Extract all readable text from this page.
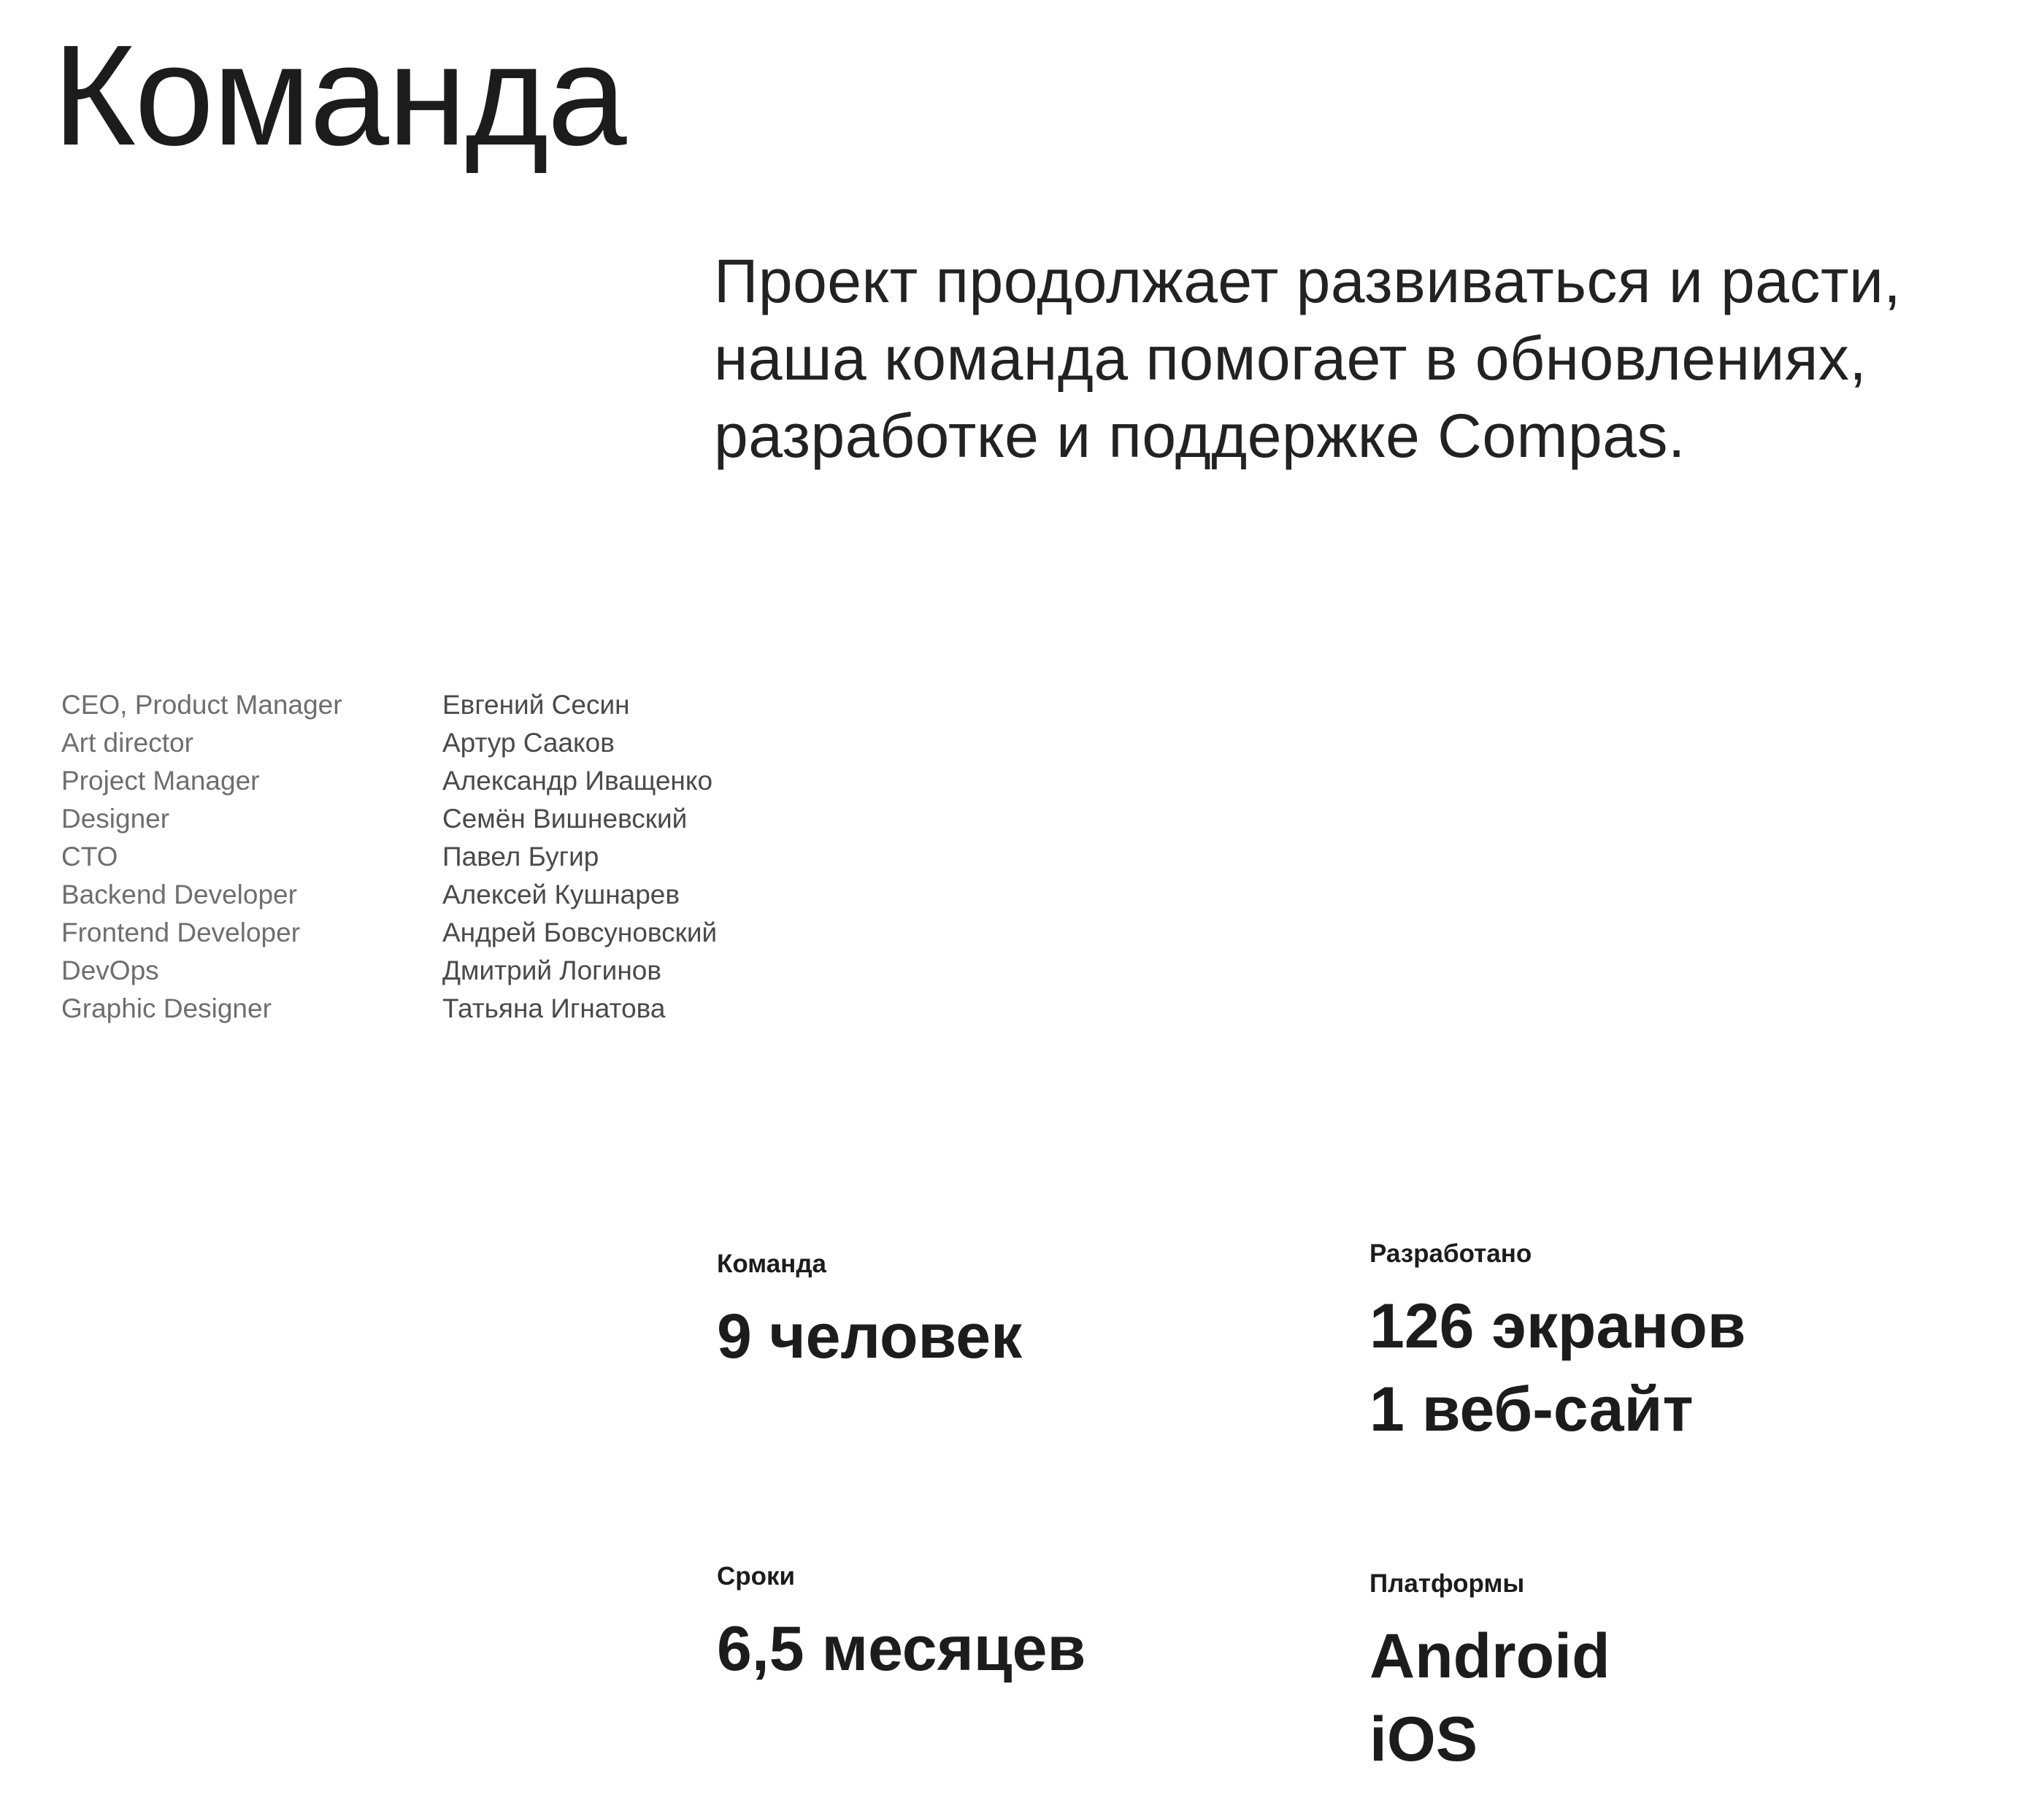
Команда

Проект продолжает развиваться и расти,
наша команда помогает в обновлениях,
разработке и поддержке Compas.

CEO, Product Manager	Евгений Сесин
Art director	Артур Сааков
Project Manager	Александр Иващенко
Designer	Семён Вишневский
CTO	Павел Бугир
Backend Developer	Алексей Кушнарев
Frontend Developer	Андрей Бовсуновский
DevOps	Дмитрий Логинов
Graphic Designer	Татьяна Игнатова
Команда
9 человек
Разработано
126 экранов
1 веб-сайт
Сроки
6,5 месяцев
Платформы
Android
iOS
